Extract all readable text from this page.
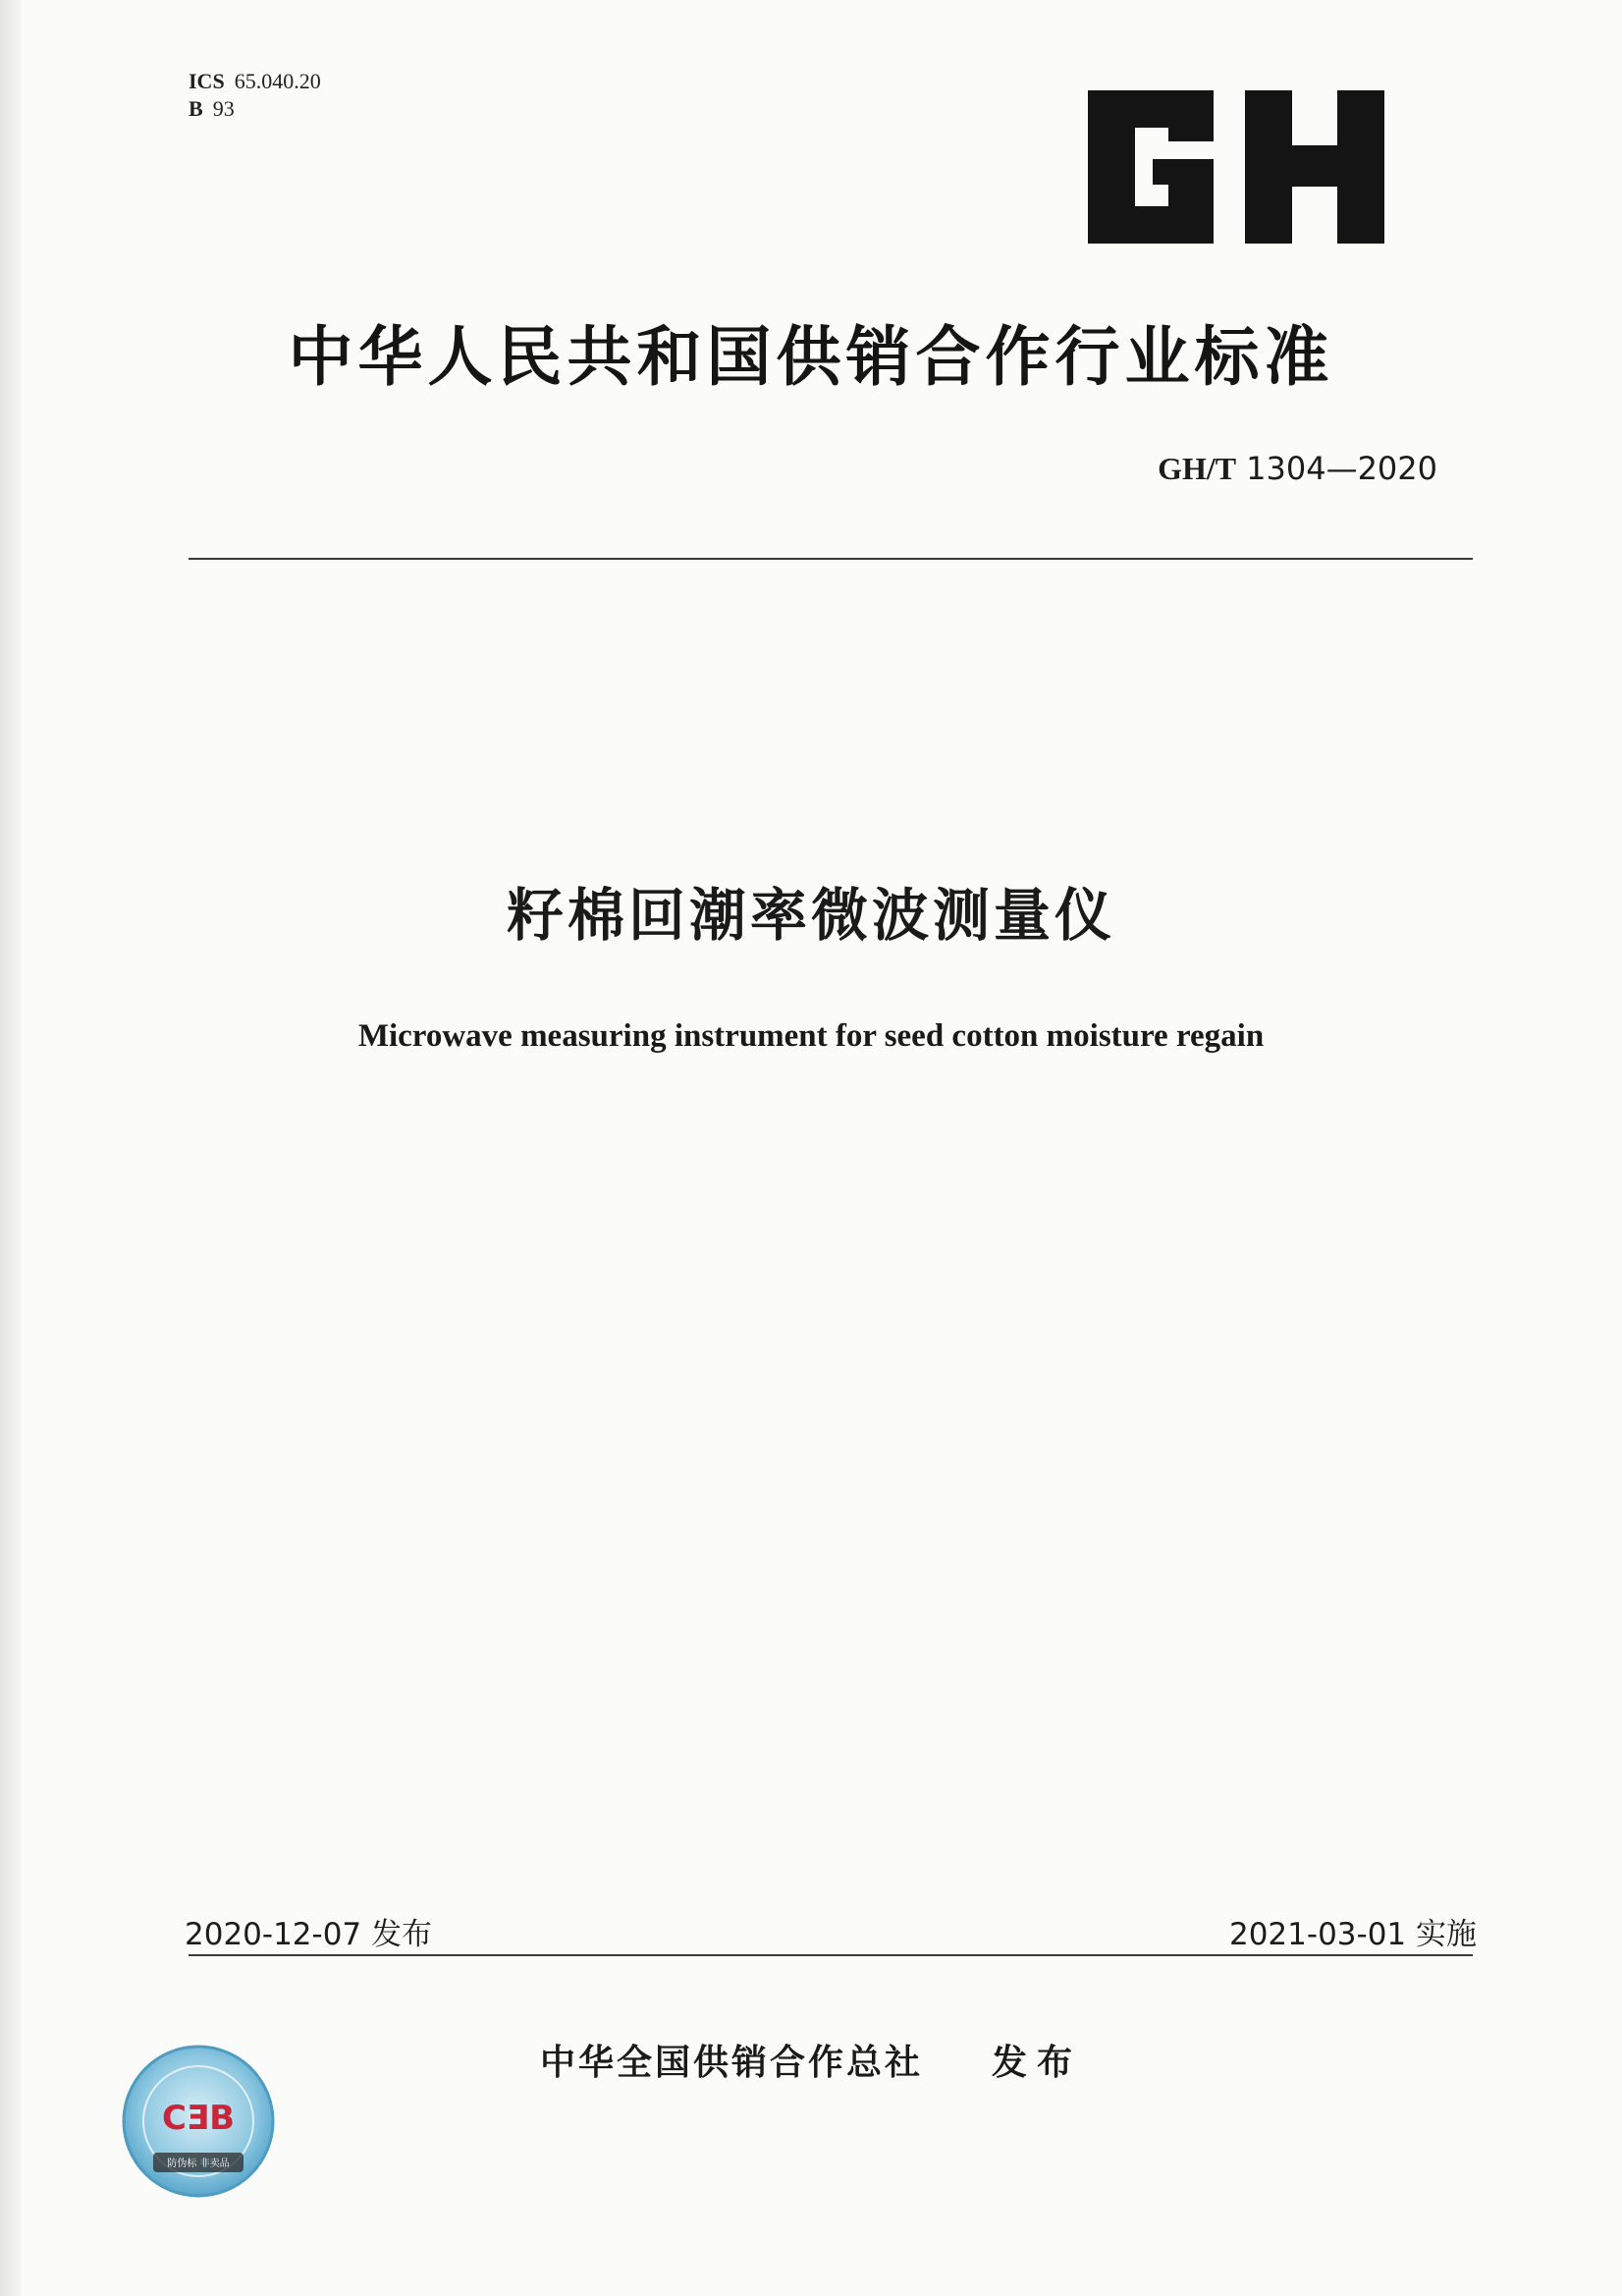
ICS 65.040.20
B 93
中华人民共和国供销合作行业标准
GH/T 1304—2020
籽棉回潮率微波测量仪
Microwave measuring instrument for seed cotton moisture regain
2020-12-07 发布	2021-03-01 实施
中华全国供销合作总社 发布
防伪标 非卖品
ⅭƎB
